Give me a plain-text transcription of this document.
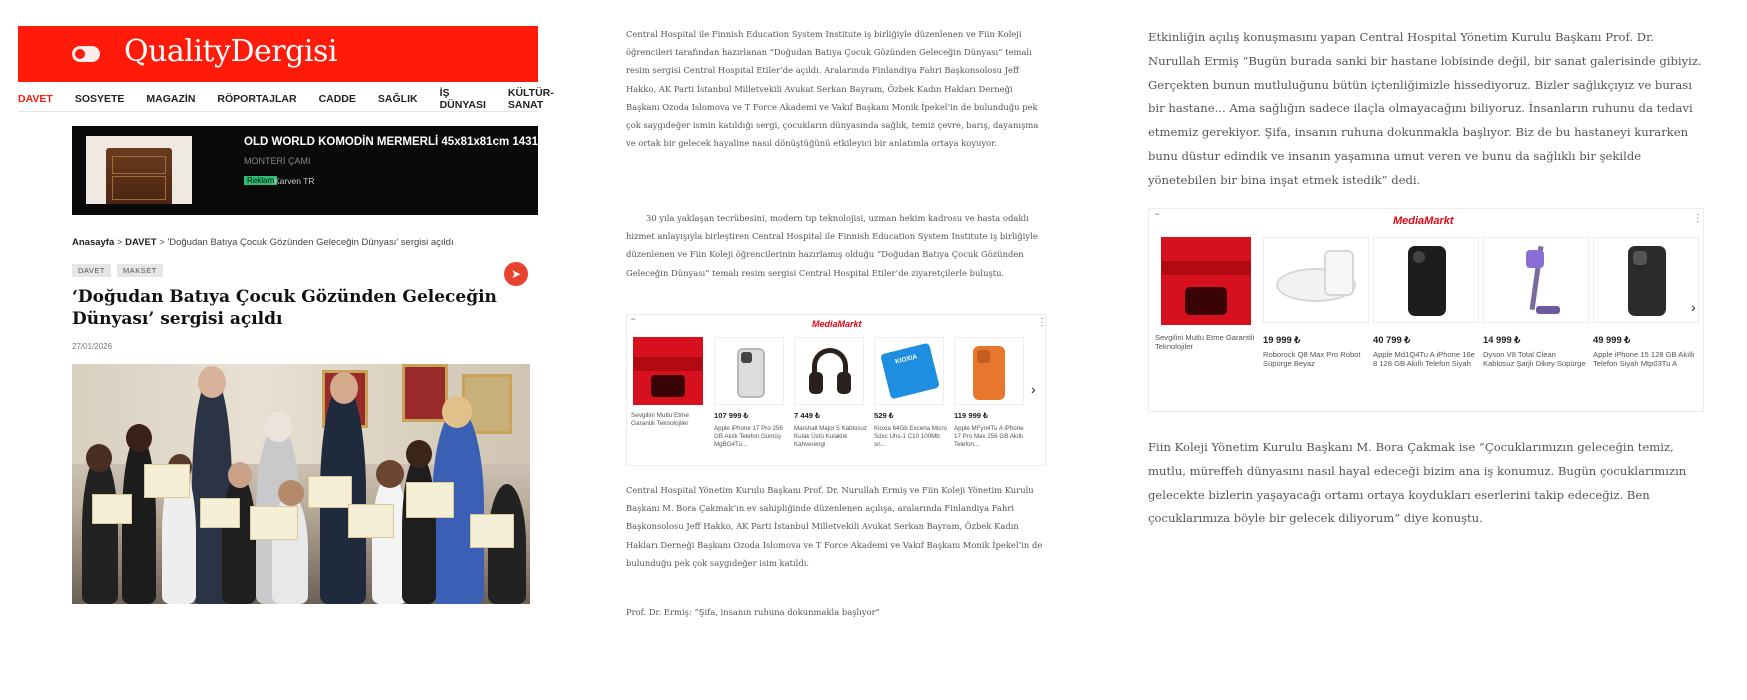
QualityDergisi
DAVET SOSYETE MAGAZİN RÖPORTAJLAR CADDE SAĞLIK İŞ DÜNYASI
KÜLTÜR-SANAT
OLD WORLD KOMODİN MERMERLİ 45x81x81cm 143142-2
MONTERİ ÇAMI
Reklam Karven TR
Anasayfa > DAVET > 'Doğudan Batıya Çocuk Gözünden Geleceğin Dünyası' sergisi açıldı
DAVET	MAKSET	➤
‘Doğudan Batıya Çocuk Gözünden Geleceğin Dünyası’ sergisi açıldı
27/01/2026

Central Hospital ile Finnish Education System Institute iş birliğiyle düzenlenen ve Fiin Koleji öğrencileri tarafından hazırlanan “Doğudan Batıya Çocuk Gözünden Geleceğin Dünyası” temalı resim sergisi Central Hospital Etiler’de açıldı. Aralarında Finlandiya Fahri Başkonsolosu Jeff Hakko, AK Parti İstanbul Milletvekili Avukat Serkan Bayram, Özbek Kadın Hakları Derneği Başkanı Ozoda Islomova ve T Force Akademi ve Vakıf Başkanı Monik İpekel’in de bulunduğu pek çok saygıdeğer ismin katıldığı sergi, çocukların dünyasında sağlık, temiz çevre, barış, dayanışma ve ortak bir gelecek hayaline nasıl dönüştüğünü etkileyici bir anlatımla ortaya koyuyor.

30 yıla yaklaşan tecrübesini, modern tıp teknolojisi, uzman hekim kadrosu ve hasta odaklı hizmet anlayışıyla birleştiren Central Hospital ile Finnish Education System Institute iş birliğiyle düzenlenen ve Fiin Koleji öğrencilerinin hazırlamış olduğu “Doğudan Batıya Çocuk Gözünden Geleceğin Dünyası” temalı resim sergisi Central Hospital Etiler’de ziyaretçilerle buluştu.

▪▪	MediaMarkt	⋮
Sevgilini Mutlu Etme Garantili Teknolojiler
107 999 ₺
Apple iPhone 17 Pro 256 GB Akıllı Telefon Gümüş MgBG4Tu...
7 449 ₺
Marshall Major 5 Kablosuz Kulak Üstü Kulaklık Kahverengi
KIOXIA
529 ₺
Kioxia 64Gb Exceria Micro Sdxc Uhs-1 C10 100Mb sn...
119 999 ₺
Apple MFyn4Tu A iPhone 17 Pro Max 256 GB Akıllı Telefon...
›

Central Hospital Yönetim Kurulu Başkanı Prof. Dr. Nurullah Ermiş ve Fiin Koleji Yönetim Kurulu Başkanı M. Bora Çakmak’ın ev sahipliğinde düzenlenen açılışa, aralarında Finlandiya Fahri Başkonsolosu Jeff Hakko, AK Parti İstanbul Milletvekili Avukat Serkan Bayram, Özbek Kadın Hakları Derneği Başkanı Ozoda Islomova ve T Force Akademi ve Vakıf Başkanı Monik İpekel’in de bulunduğu pek çok saygıdeğer isim katıldı.

Prof. Dr. Ermiş: “Şifa, insanın ruhuna dokunmakla başlıyor”

Etkinliğin açılış konuşmasını yapan Central Hospital Yönetim Kurulu Başkanı Prof. Dr. Nurullah Ermiş “Bugün burada sanki bir hastane lobisinde değil, bir sanat galerisinde gibiyiz. Gerçekten bunun mutluluğunu bütün içtenliğimizle hissediyoruz. Bizler sağlıkçıyız ve burası bir hastane... Ama sağlığın sadece ilaçla olmayacağını biliyoruz. İnsanların ruhunu da tedavi etmemiz gerekiyor. Şifa, insanın ruhuna dokunmakla başlıyor. Biz de bu hastaneyi kurarken bunu düstur edindik ve insanın yaşamına umut veren ve bunu da sağlıklı bir şekilde yönetebilen bir bina inşat etmek istedik” dedi.

▪▪	MediaMarkt	⋮
Sevgilini Mutlu Etme Garantili Teknolojiler
19 999 ₺
Roborock Q8 Max Pro Robot Süpürge Beyaz
40 799 ₺
Apple Md1Q4Tu A iPhone 16e 8 128 GB Akıllı Telefon Siyah
14 999 ₺
Dyson V8 Total Clean Kablosuz Şarjlı Dikey Süpürge
49 999 ₺
Apple iPhone 15 128 GB Akıllı Telefon Siyah Mtp03Tu A
›

Fiin Koleji Yönetim Kurulu Başkanı M. Bora Çakmak ise “Çocuklarımızın geleceğin temiz, mutlu, müreffeh dünyasını nasıl hayal edeceği bizim ana iş konumuz. Bugün çocuklarımızın gelecekte bizlerin yaşayacağı ortamı ortaya koydukları eserlerini takip edeceğiz. Ben çocuklarımıza böyle bir gelecek diliyorum” diye konuştu.
